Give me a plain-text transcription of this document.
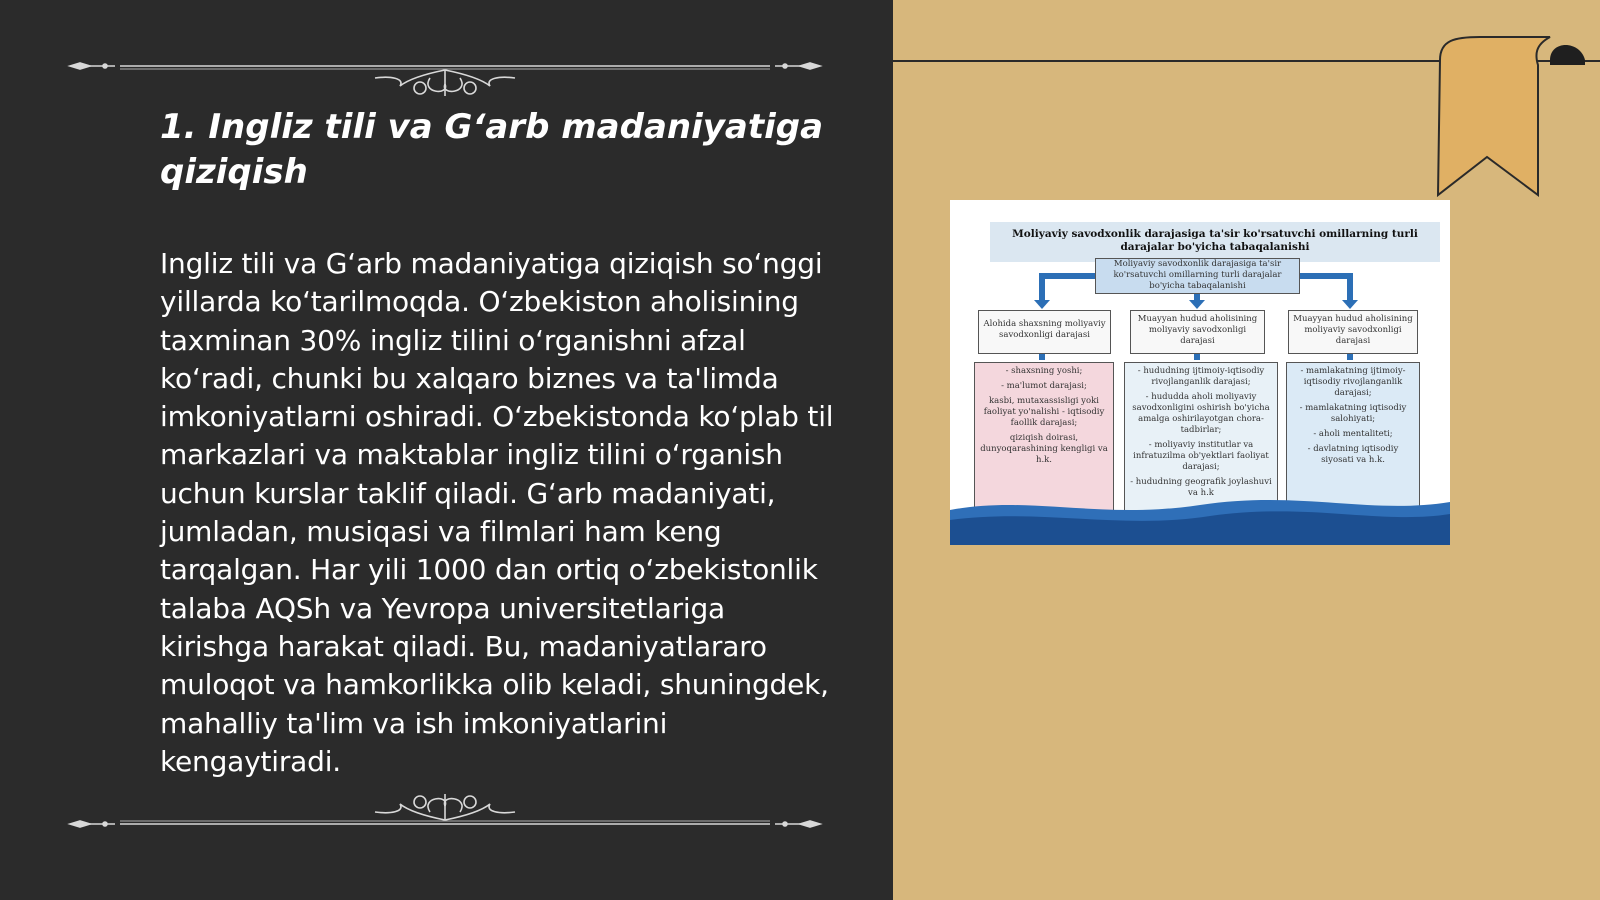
1. Ingliz tili va G‘arb madaniyatiga qiziqish

Ingliz tili va G‘arb madaniyatiga qiziqish so‘nggi yillarda ko‘tarilmoqda. O‘zbekiston aholisining taxminan 30% ingliz tilini o‘rganishni afzal ko‘radi, chunki bu xalqaro biznes va ta'limda imkoniyatlarni oshiradi. O‘zbekistonda ko‘plab til markazlari va maktablar ingliz tilini o‘rganish uchun kurslar taklif qiladi. G‘arb madaniyati, jumladan, musiqasi va filmlari ham keng tarqalgan. Har yili 1000 dan ortiq o‘zbekistonlik talaba AQSh va Yevropa universitetlariga kirishga harakat qiladi. Bu, madaniyatlararo muloqot va hamkorlikka olib keladi, shuningdek, mahalliy ta'lim va ish imkoniyatlarini kengaytiradi.

Moliyaviy savodxonlik darajasiga ta'sir ko'rsatuvchi omillarning turli darajalar bo'yicha tabaqalanishi
Moliyaviy savodxonlik darajasiga ta'sir ko'rsatuvchi omillarning turli darajalar bo'yicha tabaqalanishi
Alohida shaxsning moliyaviy savodxonligi darajasi
Muayyan hudud aholisining moliyaviy savodxonligi darajasi
Muayyan hudud aholisining moliyaviy savodxonligi darajasi
- shaxsning yoshi;
- ma'lumot darajasi;
kasbi, mutaxassisligi yoki faoliyat yo'nalishi - iqtisodiy faollik darajasi;
qiziqish doirasi, dunyoqarashining kengligi va h.k.
- hududning ijtimoiy-iqtisodiy rivojlanganlik darajasi;
- hududda aholi moliyaviy savodxonligini oshirish bo'yicha amalga oshirilayotgan chora-tadbirlar;
- moliyaviy institutlar va infratuzilma ob'yektlari faoliyat darajasi;
- hududning geografik joylashuvi va h.k
- mamlakatning ijtimoiy-iqtisodiy rivojlanganlik darajasi;
- mamlakatning iqtisodiy salohiyati;
- aholi mentaliteti;
- davlatning iqtisodiy siyosati va h.k.
